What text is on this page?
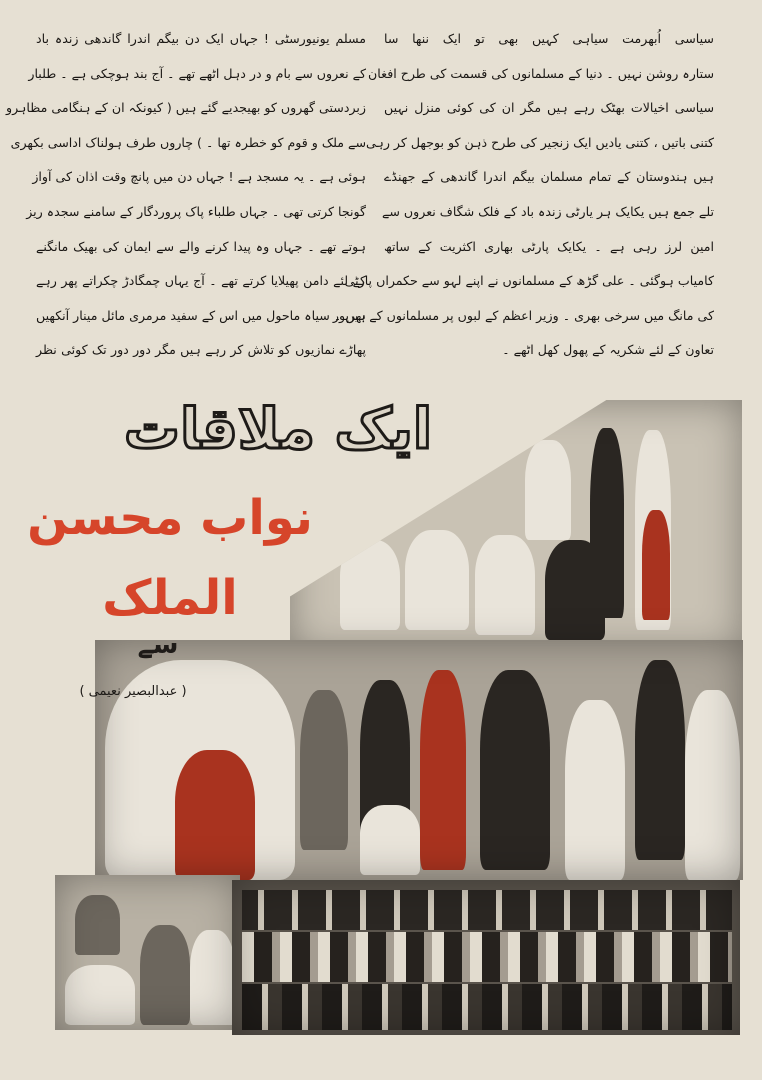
سیاسی اُبھرمت سیاہی کہیں بھی تو ایک ننھا سا
ستارہ روشن نہیں ۔ دنیا کے مسلمانوں کی قسمت کی طرح افغان
سیاسی اخیالات بھٹک رہے ہیں مگر ان کی کوئی منزل نہیں
کتنی باتیں ، کتنی یادیں ایک زنجیر کی طرح ذہن کو بوجھل کر رہی
ہیں ہندوستان کے تمام مسلمان بیگم اندرا گاندھی کے جھنڈے
تلے جمع ہیں یکایک ہر یارٹی زندہ باد کے فلک شگاف نعروں سے
امین لرز رہی ہے ۔ یکایک پارٹی بھاری اکثریت کے ساتھ
کامیاب ہوگئی ۔ علی گڑھ کے مسلمانوں نے اپنے لہو سے حکمراں پارٹی
کی مانگ میں سرخی بھری ۔ وزیر اعظم کے لبوں پر مسلمانوں کے بھرپور
تعاون کے لئے شکریہ کے پھول کھل اٹھے ۔
مسلم یونیورسٹی ! جہاں ایک دن بیگم اندرا گاندھی زندہ باد
کے نعروں سے بام و در دہل اٹھے تھے ۔ آج بند ہوچکی ہے ۔ طلبار
زبردستی گھروں کو بھیجدیے گئے ہیں ( کیونکہ ان کے ہنگامی مظاہرو
سے ملک و قوم کو خطرہ تھا ۔ ) چاروں طرف ہولناک اداسی بکھری
ہوئی ہے ۔ یہ مسجد ہے ! جہاں دن میں پانچ وقت اذان کی آواز
گونجا کرتی تھی ۔ جہاں طلباء پاک پروردگار کے سامنے سجدہ ریز
ہوتے تھے ۔ جہاں وہ پیدا کرنے والے سے ایمان کی بھیک مانگنے
کے لئے دامن پھیلایا کرتے تھے ۔ آج یہاں چمگادڑ چکراتے پھر رہے
ہیں ۔ سیاہ ماحول میں اس کے سفید مرمری مائل مینار آنکھیں
پھاڑے نمازیوں کو تلاش کر رہے ہیں مگر دور دور تک کوئی نظر
ایک ملاقات
نواب محسن الملک
سے
( عبدالبصیر نعیمی )
